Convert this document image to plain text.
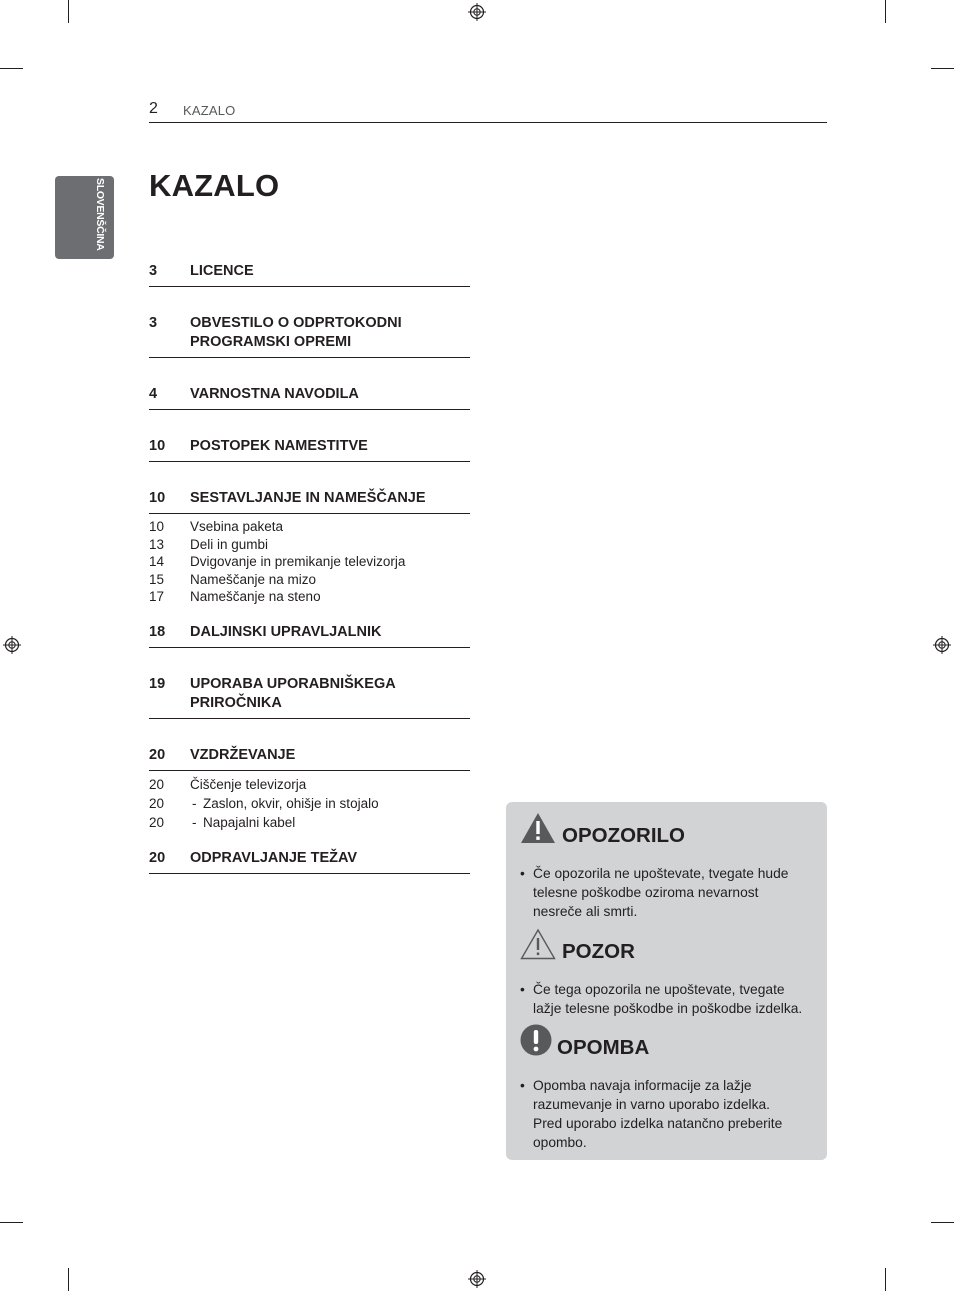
2 KAZALO
SLOVENŠČINA KAZALO
3 LICENCE
3 OBVESTILO O ODPRTOKODNI
PROGRAMSKI OPREMI
4 VARNOSTNA NAVODILA
10 POSTOPEK NAMESTITVE
10 SESTAVLJANJE IN NAMEŠČANJE
10 Vsebina paketa
13 Deli in gumbi
14 Dvigovanje in premikanje televizorja
15 Nameščanje na mizo
17 Nameščanje na steno
18 DALJINSKI UPRAVLJALNIK
19 UPORABA UPORABNIŠKEGA
PRIROČNIKA
20 VZDRŽEVANJE
20 Čiščenje televizorja
20 - Zaslon, okvir, ohišje in stojalo
20 - Napajalni kabel
20 ODPRAVLJANJE TEŽAV
OPOZORILO
• Če opozorila ne upoštevate, tvegate hude
telesne poškodbe oziroma nevarnost
nesreče ali smrti.
POZOR
• Če tega opozorila ne upoštevate, tvegate
lažje telesne poškodbe in poškodbe izdelka.
OPOMBA
• Opomba navaja informacije za lažje
razumevanje in varno uporabo izdelka.
Pred uporabo izdelka natančno preberite
opombo.
